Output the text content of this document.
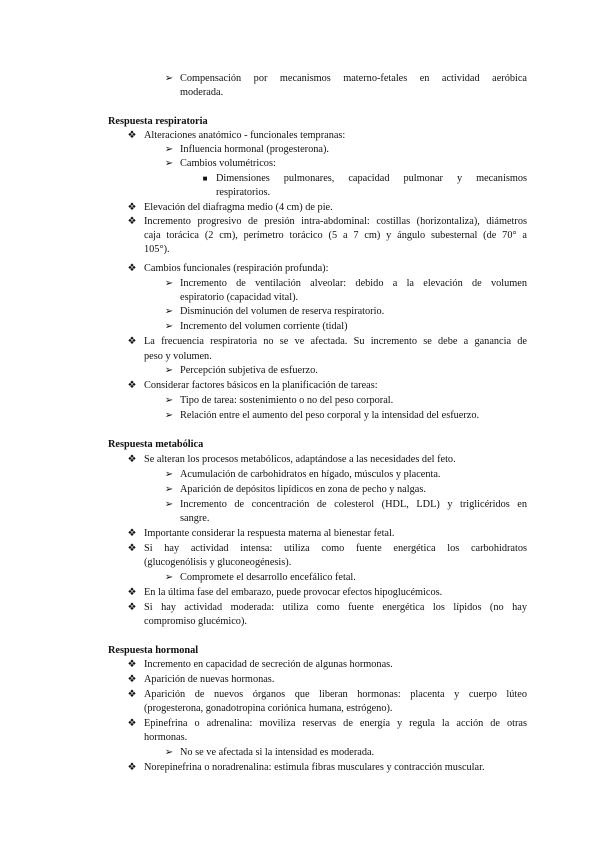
➢ Compensación por mecanismos materno-fetales en actividad aeróbica
moderada.
Respuesta respiratoria
❖ Alteraciones anatómico - funcionales tempranas:
➢ Influencia hormonal (progesterona).
➢ Cambios volumétricos:
■ Dimensiones pulmonares, capacidad pulmonar y mecanismos
respiratorios.
❖ Elevación del diafragma medio (4 cm) de pie.
❖ Incremento progresivo de presión intra-abdominal: costillas (horizontaliza), diámetros
caja torácica (2 cm), perímetro torácico (5 a 7 cm) y ángulo subesternal (de 70° a
105°).
❖ Cambios funcionales (respiración profunda):
➢ Incremento de ventilación alveolar: debido a la elevación de volumen
espiratorio (capacidad vital).
➢ Disminución del volumen de reserva respiratorio.
➢ Incremento del volumen corriente (tidal)
❖ La frecuencia respiratoria no se ve afectada. Su incremento se debe a ganancia de
peso y volumen.
➢ Percepción subjetiva de esfuerzo.
❖ Considerar factores básicos en la planificación de tareas:
➢ Tipo de tarea: sostenimiento o no del peso corporal.
➢ Relación entre el aumento del peso corporal y la intensidad del esfuerzo.
Respuesta metabólica
❖ Se alteran los procesos metabólicos, adaptándose a las necesidades del feto.
➢ Acumulación de carbohidratos en hígado, músculos y placenta.
➢ Aparición de depósitos lipídicos en zona de pecho y nalgas.
➢ Incremento de concentración de colesterol (HDL, LDL) y triglicéridos en
sangre.
❖ Importante considerar la respuesta materna al bienestar fetal.
❖ Si hay actividad intensa: utiliza como fuente energética los carbohidratos
(glucogenólisis y gluconeogénesis).
➢ Compromete el desarrollo encefálico fetal.
❖ En la última fase del embarazo, puede provocar efectos hipoglucémicos.
❖ Si hay actividad moderada: utiliza como fuente energética los lípidos (no hay
compromiso glucémico).
Respuesta hormonal
❖ Incremento en capacidad de secreción de algunas hormonas.
❖ Aparición de nuevas hormonas.
❖ Aparición de nuevos órganos que liberan hormonas: placenta y cuerpo lúteo
(progesterona, gonadotropina coriónica humana, estrógeno).
❖ Epinefrina o adrenalina: moviliza reservas de energía y regula la acción de otras
hormonas.
➢ No se ve afectada si la intensidad es moderada.
❖ Norepinefrina o noradrenalina: estimula fibras musculares y contracción muscular.
